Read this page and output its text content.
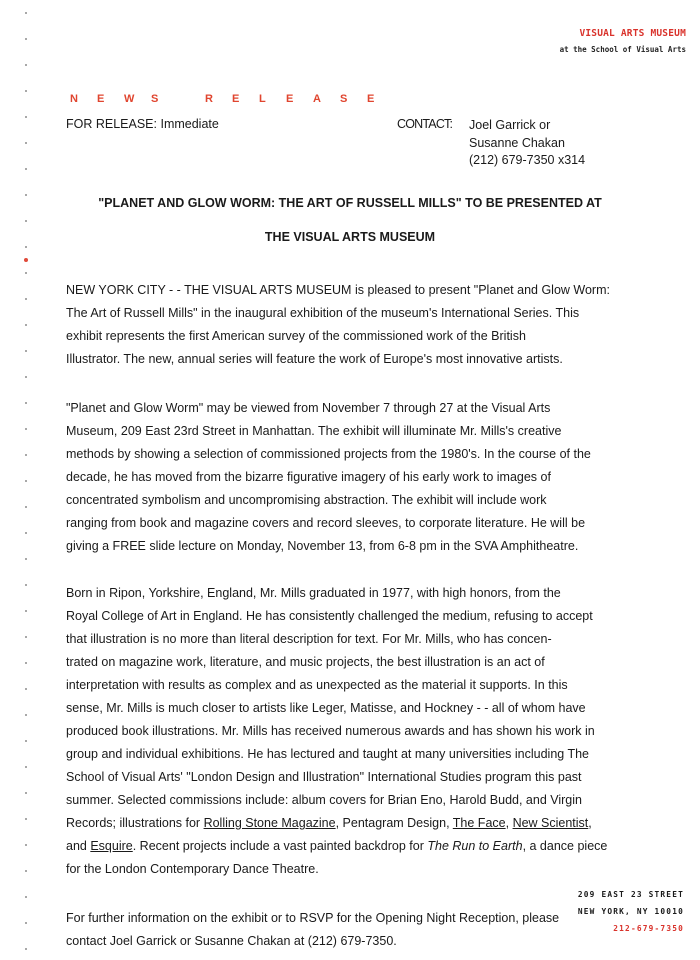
VISUAL ARTS MUSEUM
at the School of Visual Arts
N E W S	R E L E A S E
FOR RELEASE: Immediate	CONTACT: Joel Garrick or
Susanne Chakan
(212) 679-7350 x314
"PLANET AND GLOW WORM: THE ART OF RUSSELL MILLS" TO BE PRESENTED AT
THE VISUAL ARTS MUSEUM
NEW YORK CITY - - THE VISUAL ARTS MUSEUM is pleased to present "Planet and Glow Worm:
The Art of Russell Mills" in the inaugural exhibition of the museum's International Series. This
exhibit represents the first American survey of the commissioned work of the British
Illustrator. The new, annual series will feature the work of Europe's most innovative artists.
"Planet and Glow Worm" may be viewed from November 7 through 27 at the Visual Arts
Museum, 209 East 23rd Street in Manhattan. The exhibit will illuminate Mr. Mills's creative
methods by showing a selection of commissioned projects from the 1980's. In the course of the
decade, he has moved from the bizarre figurative imagery of his early work to images of
concentrated symbolism and uncompromising abstraction. The exhibit will include work
ranging from book and magazine covers and record sleeves, to corporate literature. He will be
giving a FREE slide lecture on Monday, November 13, from 6-8 pm in the SVA Amphitheatre.
Born in Ripon, Yorkshire, England, Mr. Mills graduated in 1977, with high honors, from the
Royal College of Art in England. He has consistently challenged the medium, refusing to accept
that illustration is no more than literal description for text. For Mr. Mills, who has concen-
trated on magazine work, literature, and music projects, the best illustration is an act of
interpretation with results as complex and as unexpected as the material it supports. In this
sense, Mr. Mills is much closer to artists like Leger, Matisse, and Hockney - - all of whom have
produced book illustrations. Mr. Mills has received numerous awards and has shown his work in
group and individual exhibitions. He has lectured and taught at many universities including The
School of Visual Arts' "London Design and Illustration" International Studies program this past
summer. Selected commissions include: album covers for Brian Eno, Harold Budd, and Virgin
Records; illustrations for Rolling Stone Magazine, Pentagram Design, The Face, New Scientist,
and Esquire. Recent projects include a vast painted backdrop for The Run to Earth, a dance piece
for the London Contemporary Dance Theatre.
For further information on the exhibit or to RSVP for the Opening Night Reception, please
contact Joel Garrick or Susanne Chakan at (212) 679-7350.
209 EAST 23 STREET
NEW YORK, NY 10010
212-679-7350
